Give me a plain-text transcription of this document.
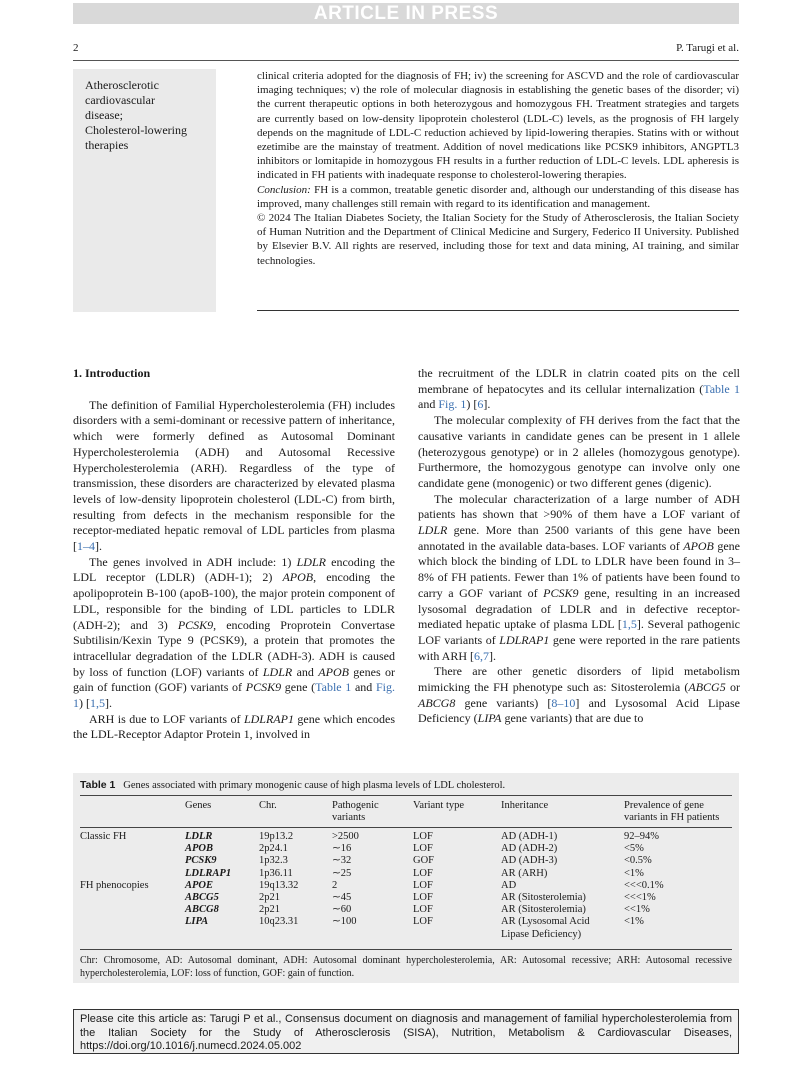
ARTICLE IN PRESS
2	P. Tarugi et al.
Atherosclerotic
cardiovascular
disease;
Cholesterol-lowering
therapies

clinical criteria adopted for the diagnosis of FH; iv) the screening for ASCVD and the role of cardiovascular imaging techniques; v) the role of molecular diagnosis in establishing the genetic bases of the disorder; vi) the current therapeutic options in both heterozygous and homozygous FH. Treatment strategies and targets are currently based on low-density lipoprotein cholesterol (LDL-C) levels, as the prognosis of FH largely depends on the magnitude of LDL-C reduction achieved by lipid-lowering therapies. Statins with or without ezetimibe are the mainstay of treatment. Addition of novel medications like PCSK9 inhibitors, ANGPTL3 inhibitors or lomitapide in homozygous FH results in a further reduction of LDL-C levels. LDL apheresis is indicated in FH patients with inadequate response to cholesterol-lowering therapies.

Conclusion: FH is a common, treatable genetic disorder and, although our understanding of this disease has improved, many challenges still remain with regard to its identification and management.

© 2024 The Italian Diabetes Society, the Italian Society for the Study of Atherosclerosis, the Italian Society of Human Nutrition and the Department of Clinical Medicine and Surgery, Federico II University. Published by Elsevier B.V. All rights are reserved, including those for text and data mining, AI training, and similar technologies.

1. Introduction

The definition of Familial Hypercholesterolemia (FH) includes disorders with a semi-dominant or recessive pattern of inheritance, which were formerly defined as Autosomal Dominant Hypercholesterolemia (ADH) and Autosomal Recessive Hypercholesterolemia (ARH). Regardless of the type of transmission, these disorders are characterized by elevated plasma levels of low-density lipoprotein cholesterol (LDL-C) from birth, resulting from defects in the mechanism responsible for the receptor-mediated hepatic removal of LDL particles from plasma [1–4].

The genes involved in ADH include: 1) LDLR encoding the LDL receptor (LDLR) (ADH-1); 2) APOB, encoding the apolipoprotein B-100 (apoB-100), the major protein component of LDL, responsible for the binding of LDL particles to LDLR (ADH-2); and 3) PCSK9, encoding Proprotein Convertase Subtilisin/Kexin Type 9 (PCSK9), a protein that promotes the intracellular degradation of the LDLR (ADH-3). ADH is caused by loss of function (LOF) variants of LDLR and APOB genes or gain of function (GOF) variants of PCSK9 gene (Table 1 and Fig. 1) [1,5].

ARH is due to LOF variants of LDLRAP1 gene which encodes the LDL-Receptor Adaptor Protein 1, involved in

the recruitment of the LDLR in clatrin coated pits on the cell membrane of hepatocytes and its cellular internalization (Table 1 and Fig. 1) [6].

The molecular complexity of FH derives from the fact that the causative variants in candidate genes can be present in 1 allele (heterozygous genotype) or in 2 alleles (homozygous genotype). Furthermore, the homozygous genotype can involve only one candidate gene (monogenic) or two different genes (digenic).

The molecular characterization of a large number of ADH patients has shown that >90% of them have a LOF variant of LDLR gene. More than 2500 variants of this gene have been annotated in the available data-bases. LOF variants of APOB gene which block the binding of LDL to LDLR have been found in 3–8% of FH patients. Fewer than 1% of patients have been found to carry a GOF variant of PCSK9 gene, resulting in an increased lysosomal degradation of LDLR and in defective receptor-mediated hepatic uptake of plasma LDL [1,5]. Several pathogenic LOF variants of LDLRAP1 gene were reported in the rare patients with ARH [6,7].

There are other genetic disorders of lipid metabolism mimicking the FH phenotype such as: Sitosterolemia (ABCG5 or ABCG8 gene variants) [8–10] and Lysosomal Acid Lipase Deficiency (LIPA gene variants) that are due to

Table 1 Genes associated with primary monogenic cause of high plasma levels of LDL cholesterol.
Genes	Chr.	Pathogenic
variants
Variant type	Inheritance	Prevalence of gene
variants in FH patients
Classic FH	LDLR	19p13.2	>2500	LOF	AD (ADH-1)	92–94%
APOB	2p24.1	∼16	LOF	AD (ADH-2)	<5%
PCSK9	1p32.3	∼32	GOF	AD (ADH-3)	<0.5%
LDLRAP1	1p36.11	∼25	LOF	AR (ARH)	<1%
FH phenocopies	APOE	19q13.32	2	LOF	AD	<<<0.1%
ABCG5	2p21	∼45	LOF	AR (Sitosterolemia)	<<<1%
ABCG8	2p21	∼60	LOF	AR (Sitosterolemia)	<<1%
LIPA	10q23.31	∼100	LOF	AR (Lysosomal Acid	<1%
Lipase Deficiency)
Chr: Chromosome, AD: Autosomal dominant, ADH: Autosomal dominant hypercholesterolemia, AR: Autosomal recessive; ARH: Autosomal recessive hypercholesterolemia, LOF: loss of function, GOF: gain of function.
Please cite this article as: Tarugi P et al., Consensus document on diagnosis and management of familial hypercholesterolemia from the Italian Society for the Study of Atherosclerosis (SISA), Nutrition, Metabolism & Cardiovascular Diseases, https://doi.org/10.1016/j.numecd.2024.05.002
